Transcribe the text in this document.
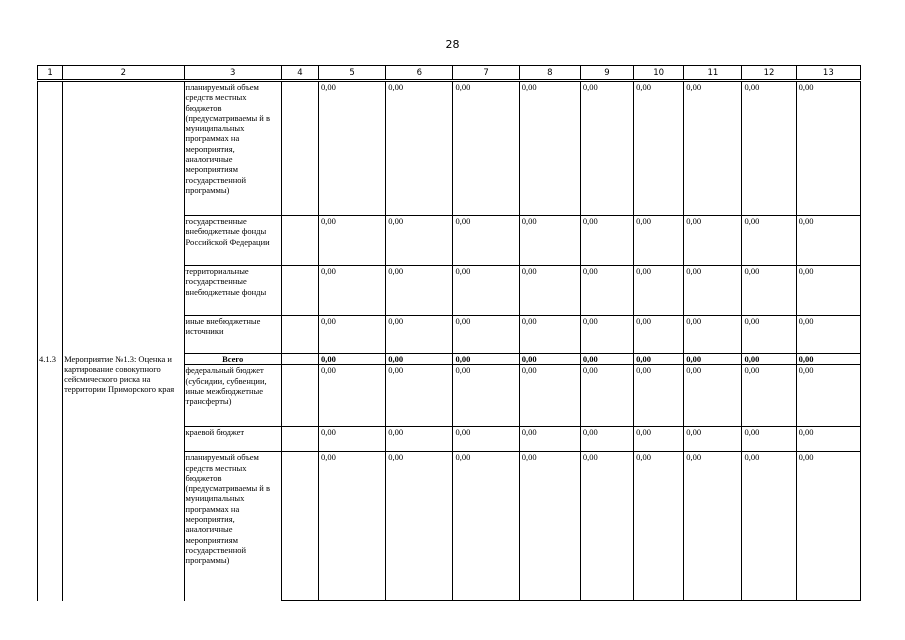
28
1	2	3	4	5	6	7	8	9	10	11	12	13

		планируемый объем средств местных бюджетов (предусматриваемы й в муниципальных программах на мероприятия, аналогичные мероприятиям государственной программы)		0,00	0,00	0,00	0,00	0,00	0,00	0,00	0,00	0,00
		государственные внебюджетные фонды Российской Федерации		0,00	0,00	0,00	0,00	0,00	0,00	0,00	0,00	0,00
		территориальные государственные внебюджетные фонды		0,00	0,00	0,00	0,00	0,00	0,00	0,00	0,00	0,00
		иные внебюджетные источники		0,00	0,00	0,00	0,00	0,00	0,00	0,00	0,00	0,00
4.1.3	Мероприятие №1.3: Оценка и картирование совокупного сейсмического риска на территории Приморского края	Всего		0,00	0,00	0,00	0,00	0,00	0,00	0,00	0,00	0,00
		федеральный бюджет (субсидии, субвенции, иные межбюджетные трансферты)		0,00	0,00	0,00	0,00	0,00	0,00	0,00	0,00	0,00
		краевой бюджет		0,00	0,00	0,00	0,00	0,00	0,00	0,00	0,00	0,00
		планируемый объем средств местных бюджетов (предусматриваемы й в муниципальных программах на мероприятия, аналогичные мероприятиям государственной программы)		0,00	0,00	0,00	0,00	0,00	0,00	0,00	0,00	0,00
